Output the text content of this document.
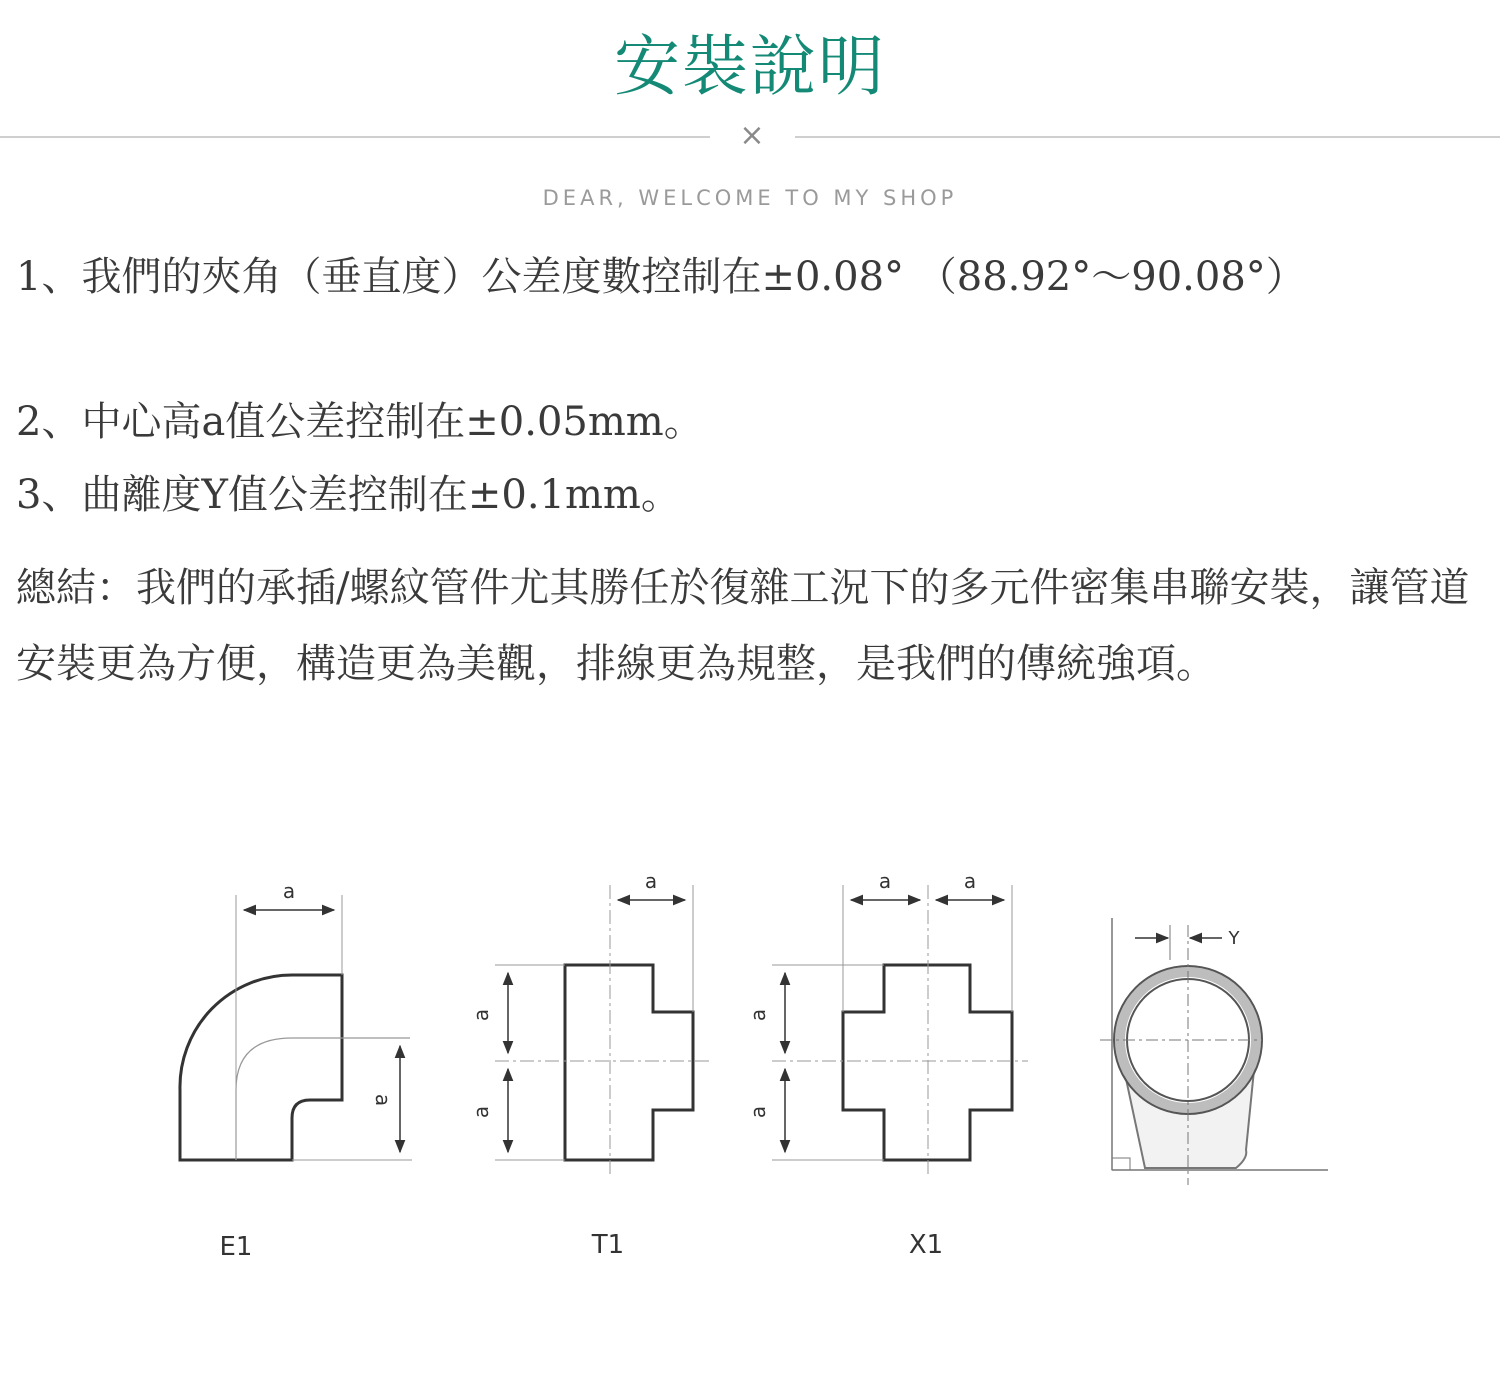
安裝說明
×
DEAR, WELCOME TO MY SHOP

1、我們的夾角（垂直度）公差度數控制在±0.08° （88.92°～90.08°）

2、中心高a值公差控制在±0.05mm。

3、曲離度Y值公差控制在±0.1mm。

總結：我們的承插/螺紋管件尤其勝任於復雜工況下的多元件密集串聯安裝，讓管道安裝更為方便，構造更為美觀，排線更為規整，是我們的傳統強項。

a
a
E1
a
a
a
T1
a	a
a
a
X1
Y
